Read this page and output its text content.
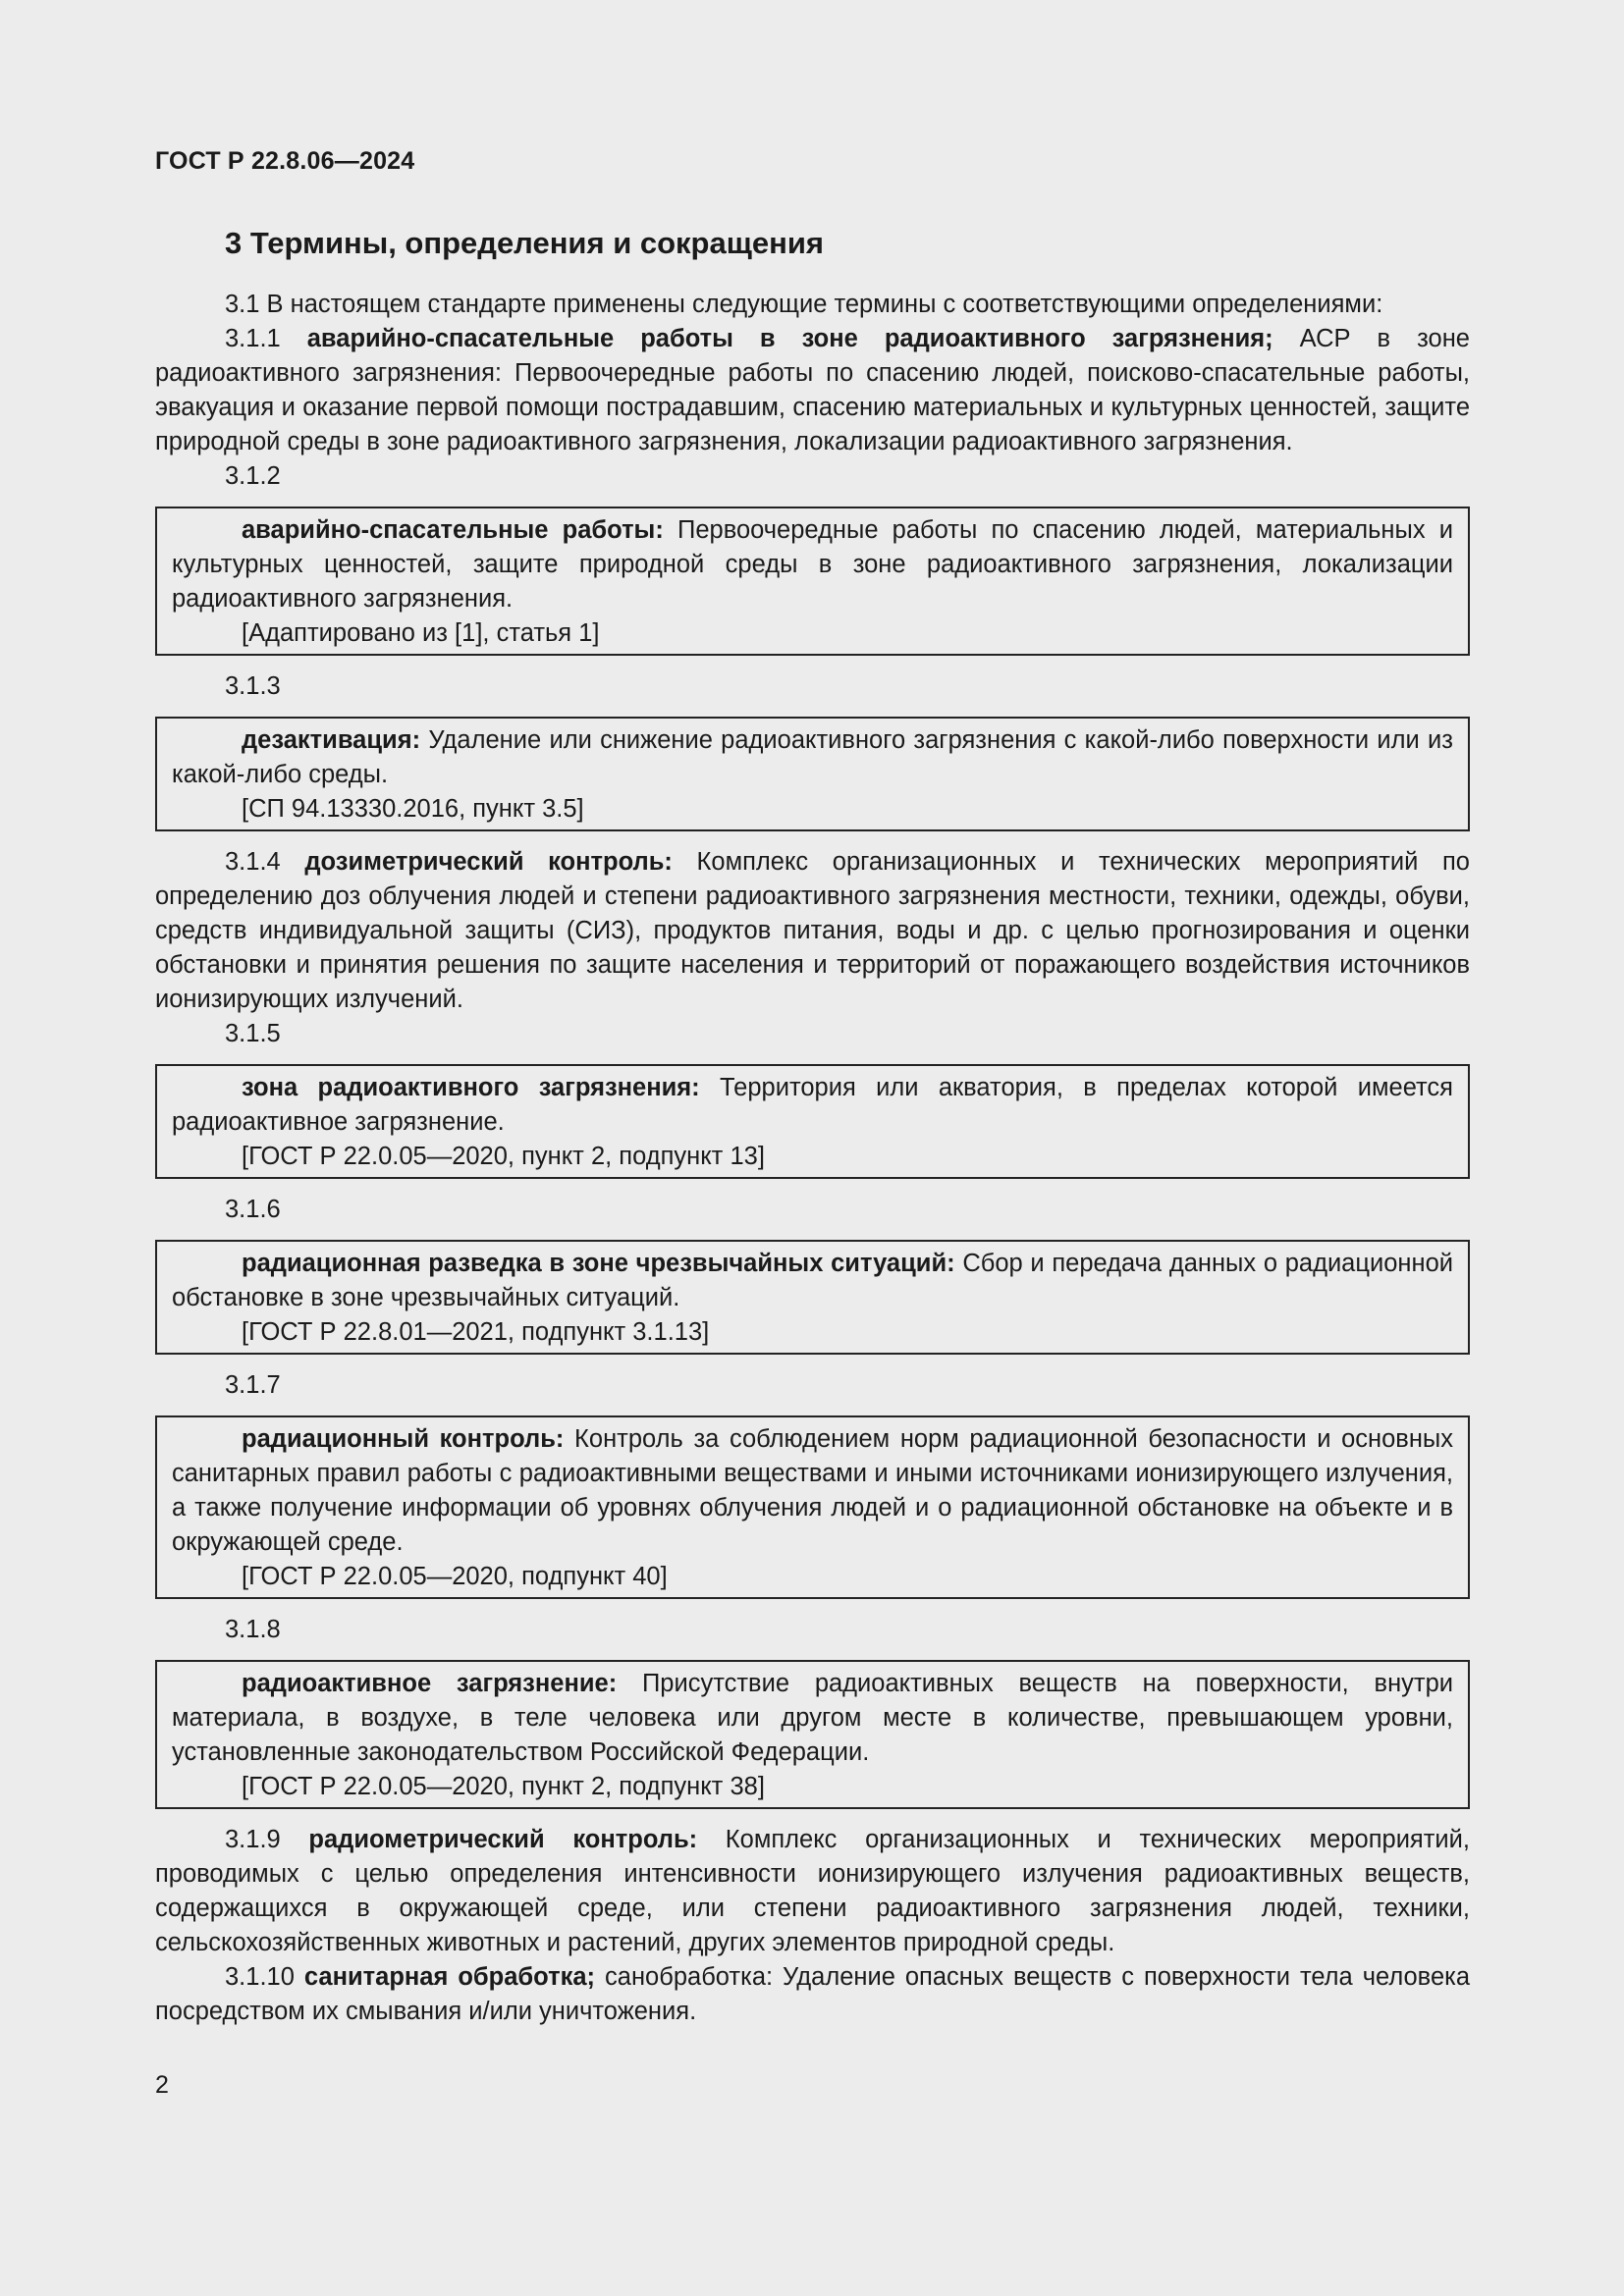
ГОСТ Р 22.8.06—2024
3 Термины, определения и сокращения

3.1 В настоящем стандарте применены следующие термины с соответствующими определениями:

3.1.1 аварийно-спасательные работы в зоне радиоактивного загрязнения; АСР в зоне радиоактивного загрязнения: Первоочередные работы по спасению людей, поисково-спасательные работы, эвакуация и оказание первой помощи пострадавшим, спасению материальных и культурных ценностей, защите природной среды в зоне радиоактивного загрязнения, локализации радиоактивного загрязнения.

3.1.2

аварийно-спасательные работы: Первоочередные работы по спасению людей, материальных и культурных ценностей, защите природной среды в зоне радиоактивного загрязнения, локализации радиоактивного загрязнения.

[Адаптировано из [1], статья 1]

3.1.3

дезактивация: Удаление или снижение радиоактивного загрязнения с какой-либо поверхности или из какой-либо среды.

[СП 94.13330.2016, пункт 3.5]

3.1.4 дозиметрический контроль: Комплекс организационных и технических мероприятий по определению доз облучения людей и степени радиоактивного загрязнения местности, техники, одежды, обуви, средств индивидуальной защиты (СИЗ), продуктов питания, воды и др. с целью прогнозирования и оценки обстановки и принятия решения по защите населения и территорий от поражающего воздействия источников ионизирующих излучений.

3.1.5

зона радиоактивного загрязнения: Территория или акватория, в пределах которой имеется радиоактивное загрязнение.

[ГОСТ Р 22.0.05—2020, пункт 2, подпункт 13]

3.1.6

радиационная разведка в зоне чрезвычайных ситуаций: Сбор и передача данных о радиационной обстановке в зоне чрезвычайных ситуаций.

[ГОСТ Р 22.8.01—2021, подпункт 3.1.13]

3.1.7

радиационный контроль: Контроль за соблюдением норм радиационной безопасности и основных санитарных правил работы с радиоактивными веществами и иными источниками ионизирующего излучения, а также получение информации об уровнях облучения людей и о радиационной обстановке на объекте и в окружающей среде.

[ГОСТ Р 22.0.05—2020, подпункт 40]

3.1.8

радиоактивное загрязнение: Присутствие радиоактивных веществ на поверхности, внутри материала, в воздухе, в теле человека или другом месте в количестве, превышающем уровни, установленные законодательством Российской Федерации.

[ГОСТ Р 22.0.05—2020, пункт 2, подпункт 38]

3.1.9 радиометрический контроль: Комплекс организационных и технических мероприятий, проводимых с целью определения интенсивности ионизирующего излучения радиоактивных веществ, содержащихся в окружающей среде, или степени радиоактивного загрязнения людей, техники, сельскохозяйственных животных и растений, других элементов природной среды.

3.1.10 санитарная обработка; санобработка: Удаление опасных веществ с поверхности тела человека посредством их смывания и/или уничтожения.

2
